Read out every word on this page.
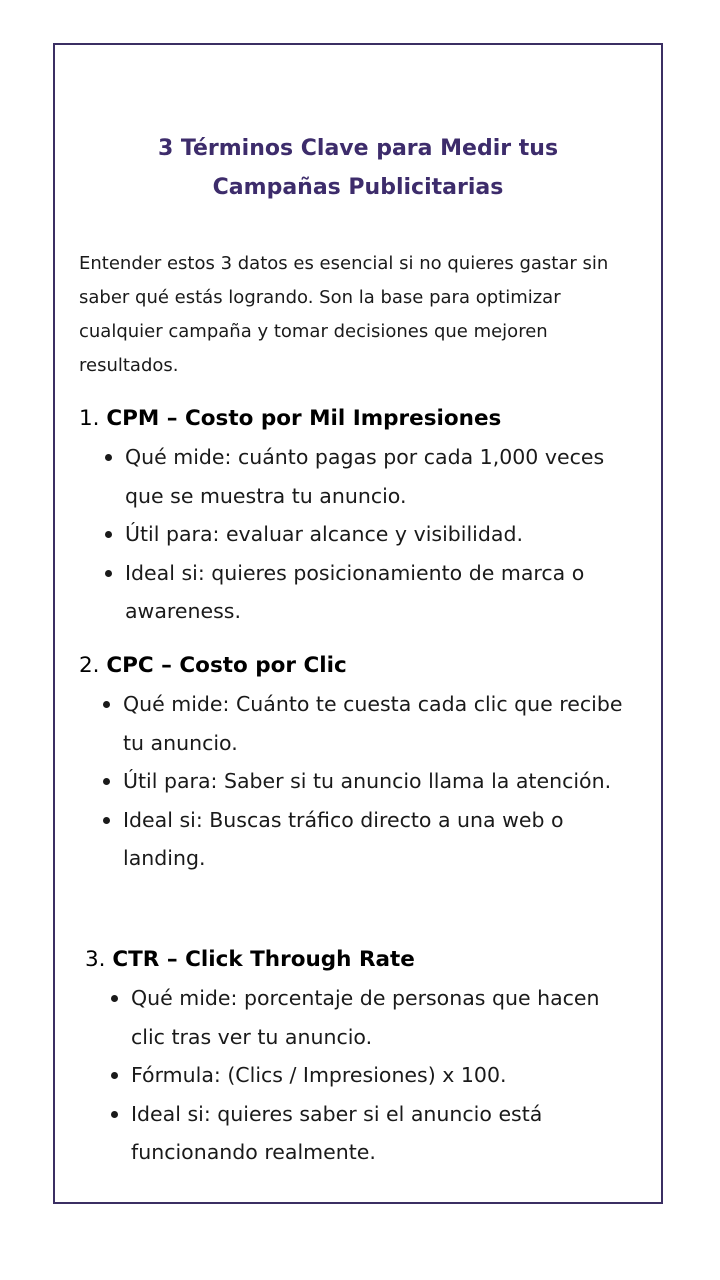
3 Términos Clave para Medir tus
Campañas Publicitarias

Entender estos 3 datos es esencial si no quieres gastar sin saber qué estás logrando. Son la base para optimizar cualquier campaña y tomar decisiones que mejoren resultados.

1. CPM – Costo por Mil Impresiones
Qué mide: cuánto pagas por cada 1,000 veces que se muestra tu anuncio.
Útil para: evaluar alcance y visibilidad.
Ideal si: quieres posicionamiento de marca o awareness.
2. CPC – Costo por Clic
Qué mide: Cuánto te cuesta cada clic que recibe tu anuncio.
Útil para: Saber si tu anuncio llama la atención.
Ideal si: Buscas tráfico directo a una web o landing.
3. CTR – Click Through Rate
Qué mide: porcentaje de personas que hacen clic tras ver tu anuncio.
Fórmula: (Clics / Impresiones) x 100.
Ideal si: quieres saber si el anuncio está funcionando realmente.
